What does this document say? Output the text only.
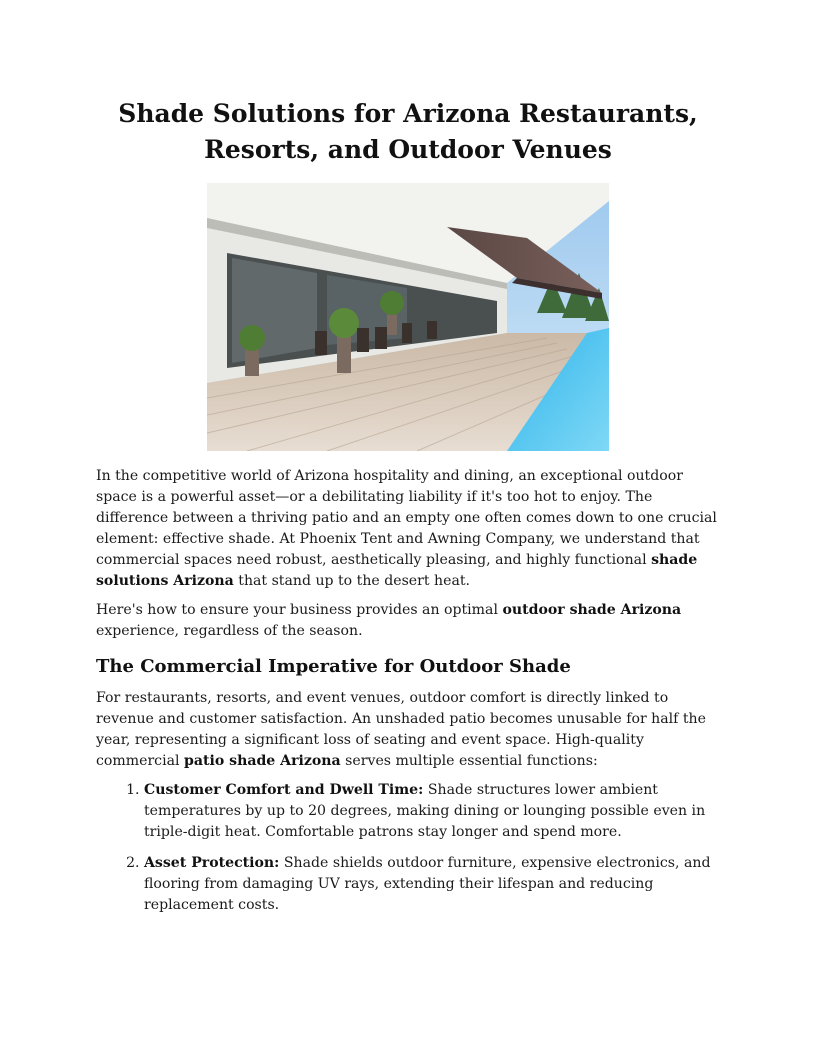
Shade Solutions for Arizona Restaurants,
Resorts, and Outdoor Venues

In the competitive world of Arizona hospitality and dining, an exceptional outdoor space is a powerful asset—or a debilitating liability if it's too hot to enjoy. The difference between a thriving patio and an empty one often comes down to one crucial element: effective shade. At Phoenix Tent and Awning Company, we understand that commercial spaces need robust, aesthetically pleasing, and highly functional shade solutions Arizona that stand up to the desert heat.

Here's how to ensure your business provides an optimal outdoor shade Arizona experience, regardless of the season.

The Commercial Imperative for Outdoor Shade

For restaurants, resorts, and event venues, outdoor comfort is directly linked to revenue and customer satisfaction. An unshaded patio becomes unusable for half the year, representing a significant loss of seating and event space. High-quality commercial patio shade Arizona serves multiple essential functions:

1. Customer Comfort and Dwell Time: Shade structures lower ambient temperatures by up to 20 degrees, making dining or lounging possible even in triple-digit heat. Comfortable patrons stay longer and spend more.
2. Asset Protection: Shade shields outdoor furniture, expensive electronics, and flooring from damaging UV rays, extending their lifespan and reducing replacement costs.
